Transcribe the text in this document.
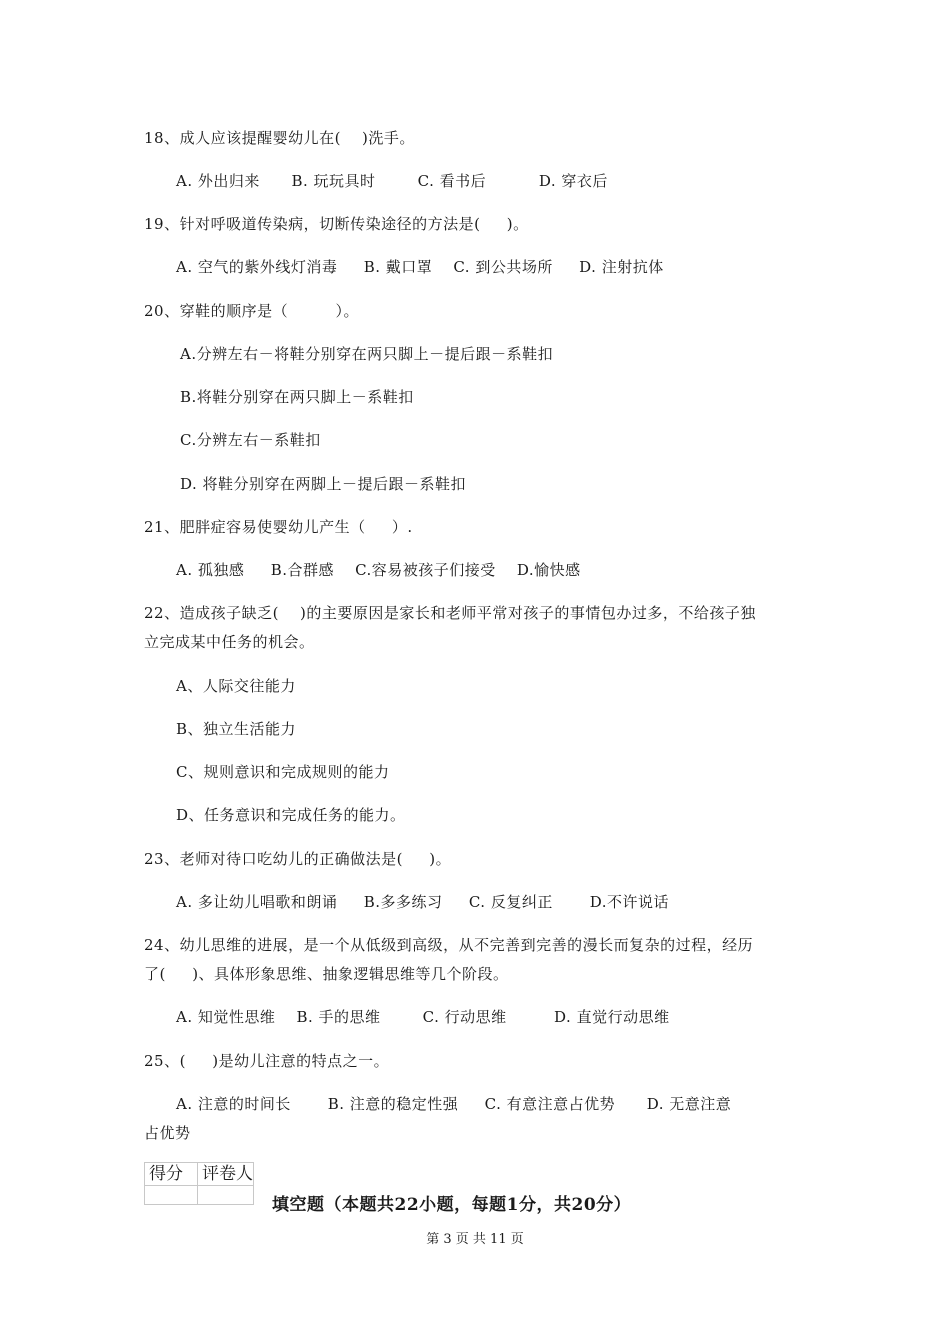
18、成人应该提醒婴幼儿在(    )洗手。
A. 外出归来      B. 玩玩具时        C. 看书后          D. 穿衣后
19、针对呼吸道传染病，切断传染途径的方法是(     )。
A. 空气的紫外线灯消毒     B. 戴口罩    C. 到公共场所     D. 注射抗体
20、穿鞋的顺序是（         ）。
A.分辨左右－将鞋分别穿在两只脚上－提后跟－系鞋扣
B.将鞋分别穿在两只脚上－系鞋扣
C.分辨左右－系鞋扣
D. 将鞋分别穿在两脚上－提后跟－系鞋扣
21、肥胖症容易使婴幼儿产生（     ）.
A. 孤独感     B.合群感    C.容易被孩子们接受    D.愉快感
22、造成孩子缺乏(    )的主要原因是家长和老师平常对孩子的事情包办过多，不给孩子独
立完成某中任务的机会。
A、人际交往能力
B、独立生活能力
C、规则意识和完成规则的能力
D、任务意识和完成任务的能力。
23、老师对待口吃幼儿的正确做法是(     )。
A. 多让幼儿唱歌和朗诵     B.多多练习     C. 反复纠正       D.不许说话
24、幼儿思维的进展，是一个从低级到高级，从不完善到完善的漫长而复杂的过程，经历
了(     )、具体形象思维、抽象逻辑思维等几个阶段。
A. 知觉性思维    B. 手的思维        C. 行动思维         D. 直觉行动思维
25、(     )是幼儿注意的特点之一。
A. 注意的时间长       B. 注意的稳定性强     C. 有意注意占优势      D. 无意注意
占优势
得分	评卷人

填空题（本题共22小题，每题1分，共20分）
第 3 页 共 11 页
